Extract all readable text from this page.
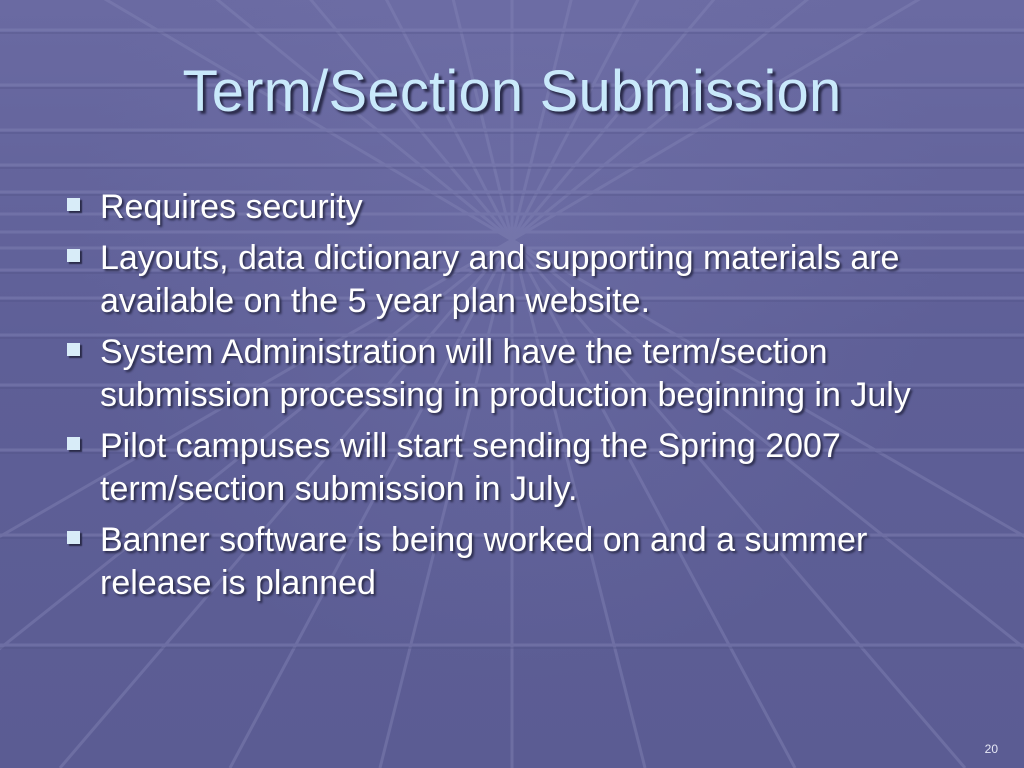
Term/Section Submission
Requires security
Layouts, data dictionary and supporting materials are available on the 5 year plan website.
System Administration will have the term/section submission processing in production beginning in July
Pilot campuses will start sending the Spring 2007 term/section submission in July.
Banner software is being worked on and a summer release is planned
20
